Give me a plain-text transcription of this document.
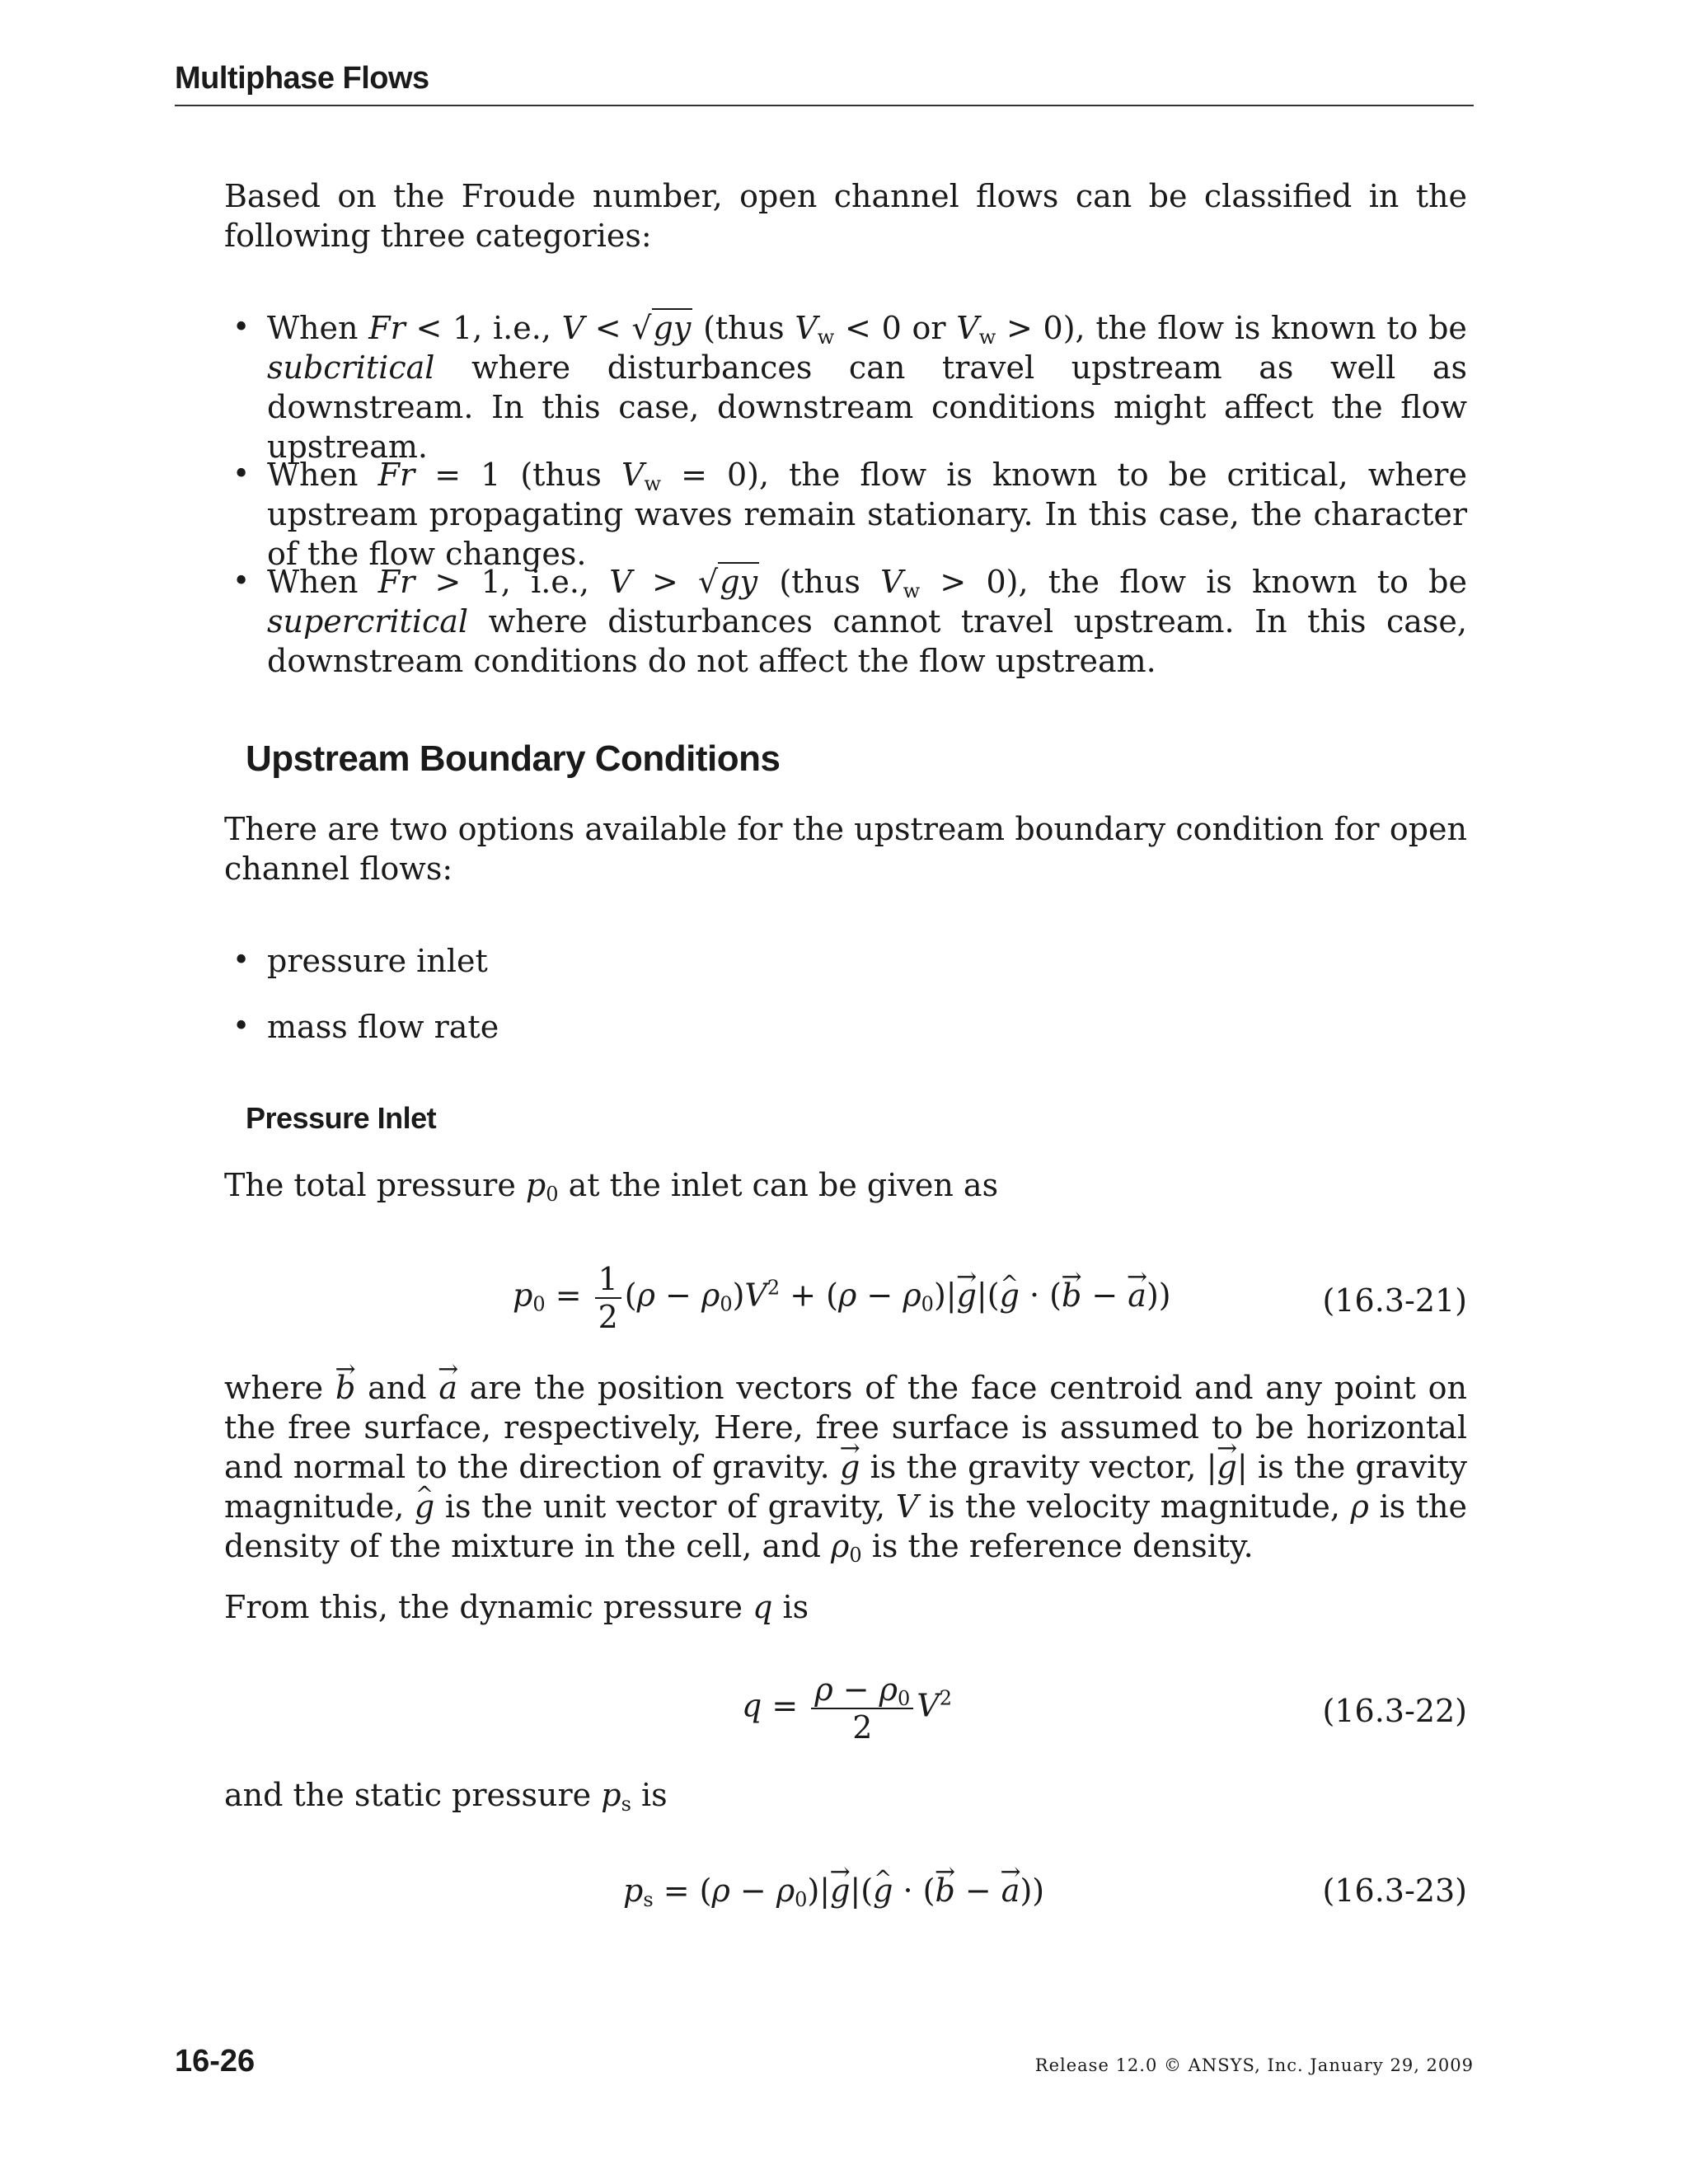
Multiphase Flows

Based on the Froude number, open channel flows can be classified in the following three categories:

• When Fr < 1, i.e., V < √gy (thus $V_w < 0$ or $V_w > 0$), the flow is known to be subcritical where disturbances can travel upstream as well as downstream. In this case, downstream conditions might affect the flow upstream.
• When Fr = 1 (thus $V_w = 0$), the flow is known to be critical, where upstream propagating waves remain stationary. In this case, the character of the flow changes.
• When Fr > 1, i.e., V > √gy (thus $V_w > 0$), the flow is known to be supercritical where disturbances cannot travel upstream. In this case, downstream conditions do not affect the flow upstream.
Upstream Boundary Conditions

There are two options available for the upstream boundary condition for open channel flows:

• pressure inlet
• mass flow rate
Pressure Inlet

The total pressure $p_0$ at the inlet can be given as

$p_0 = \frac{1}{2} (\rho - \rho_0)V^2 + (\rho - \rho_0)|\to$ g|(^ g · (→ b − → a))	(16.3-21)

where → b and → a are the position vectors of the face centroid and any point on the free surface, respectively, Here, free surface is assumed to be horizontal and normal to the direction of gravity. → g is the gravity vector, |→ g| is the gravity magnitude, ^ g is the unit vector of gravity, V is the velocity magnitude, ρ is the density of the mixture in the cell, and $\rho_0$ is the reference density.

From this, the dynamic pressure q is

$q = \frac{\rho - \rho_0}{2} V^2$	(16.3-22)

and the static pressure $p_s$ is

$p_s = (\rho - \rho_0)|\to$ g|(^ g · (→ b − → a))	(16.3-23)
16-26	Release 12.0 © ANSYS, Inc. January 29, 2009
